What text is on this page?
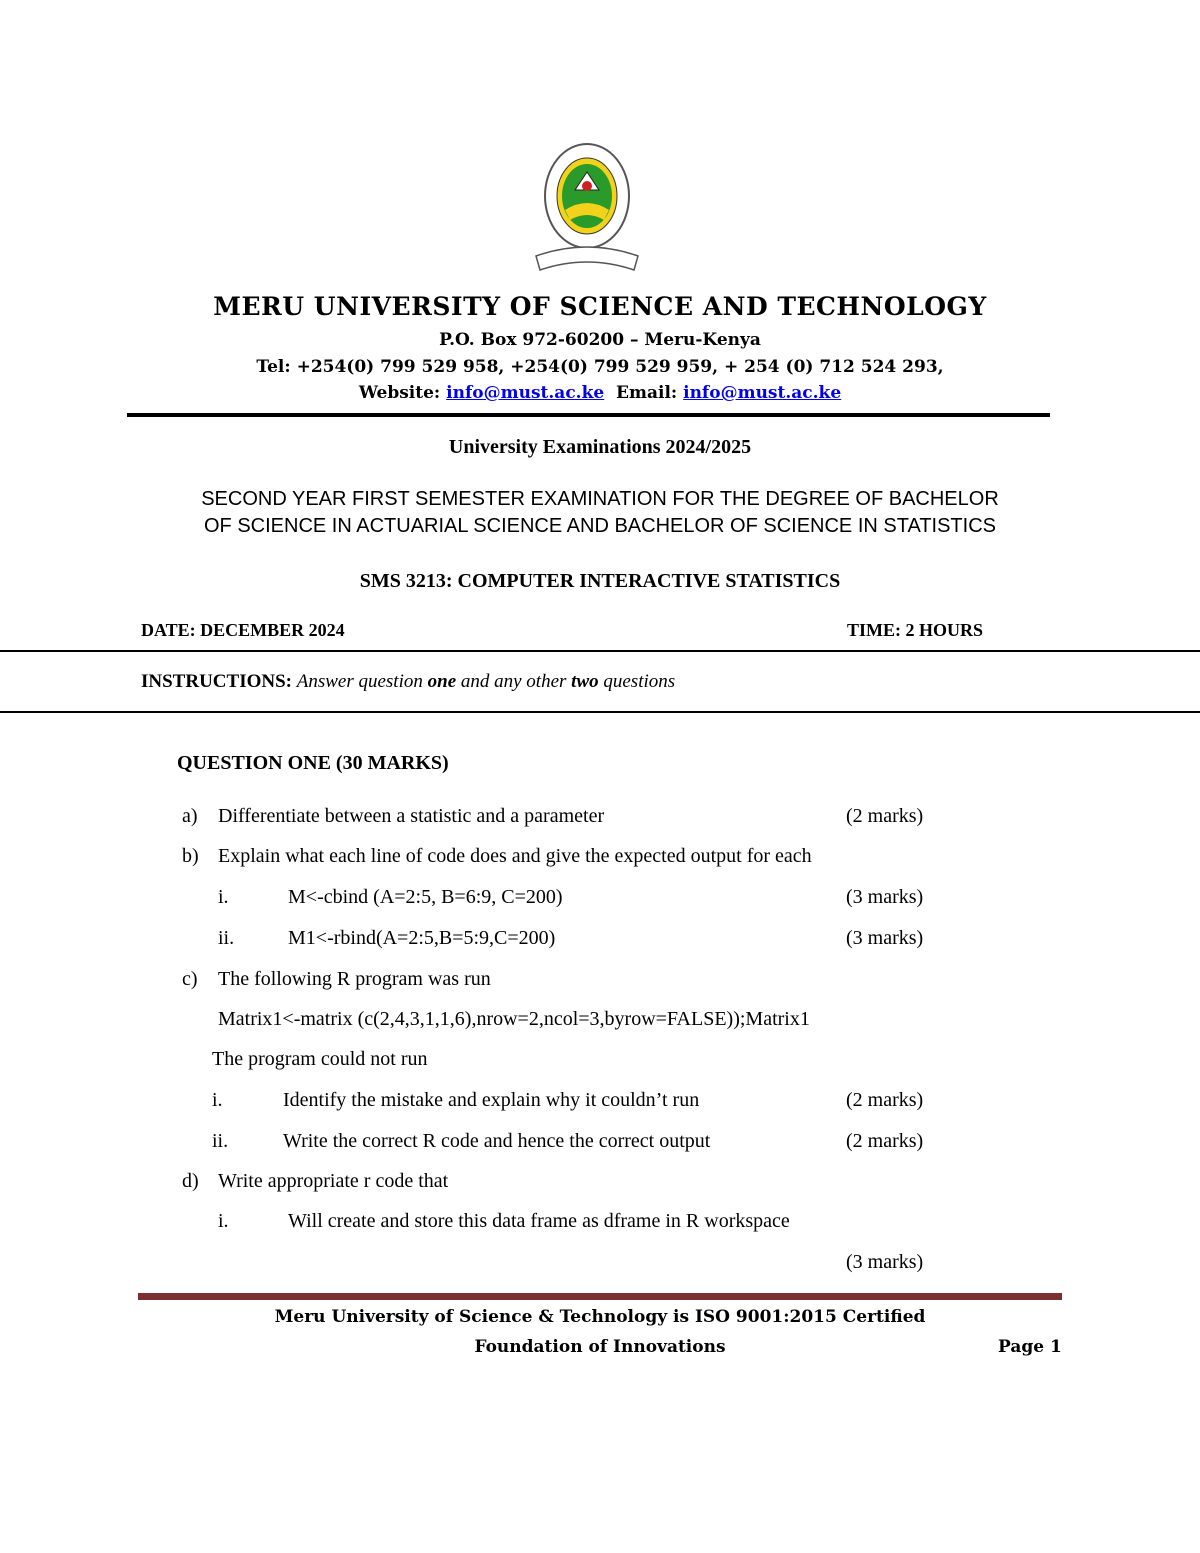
MERU UNIVERSITY OF SCIENCE AND TECHNOLOGY
P.O. Box 972-60200 – Meru-Kenya
Tel: +254(0) 799 529 958, +254(0) 799 529 959, + 254 (0) 712 524 293,
Website: info@must.ac.ke Email: info@must.ac.ke
University Examinations 2024/2025
SECOND YEAR FIRST SEMESTER EXAMINATION FOR THE DEGREE OF BACHELOR
OF SCIENCE IN ACTUARIAL SCIENCE AND BACHELOR OF SCIENCE IN STATISTICS
SMS 3213: COMPUTER INTERACTIVE STATISTICS
DATE: DECEMBER 2024	TIME: 2 HOURS
INSTRUCTIONS: Answer question one and any other two questions
QUESTION ONE (30 MARKS)
a) Differentiate between a statistic and a parameter	(2 marks)
b) Explain what each line of code does and give the expected output for each
i.	M<-cbind (A=2:5, B=6:9, C=200)	(3 marks)
ii.	M1<-rbind(A=2:5,B=5:9,C=200)	(3 marks)
c) The following R program was run
Matrix1<-matrix (c(2,4,3,1,1,6),nrow=2,ncol=3,byrow=FALSE));Matrix1
The program could not run
i.	Identify the mistake and explain why it couldn’t run	(2 marks)
ii.	Write the correct R code and hence the correct output	(2 marks)
d) Write appropriate r code that
i.	Will create and store this data frame as dframe in R workspace
(3 marks)
Meru University of Science & Technology is ISO 9001:2015 Certified
Foundation of Innovations	Page 1
